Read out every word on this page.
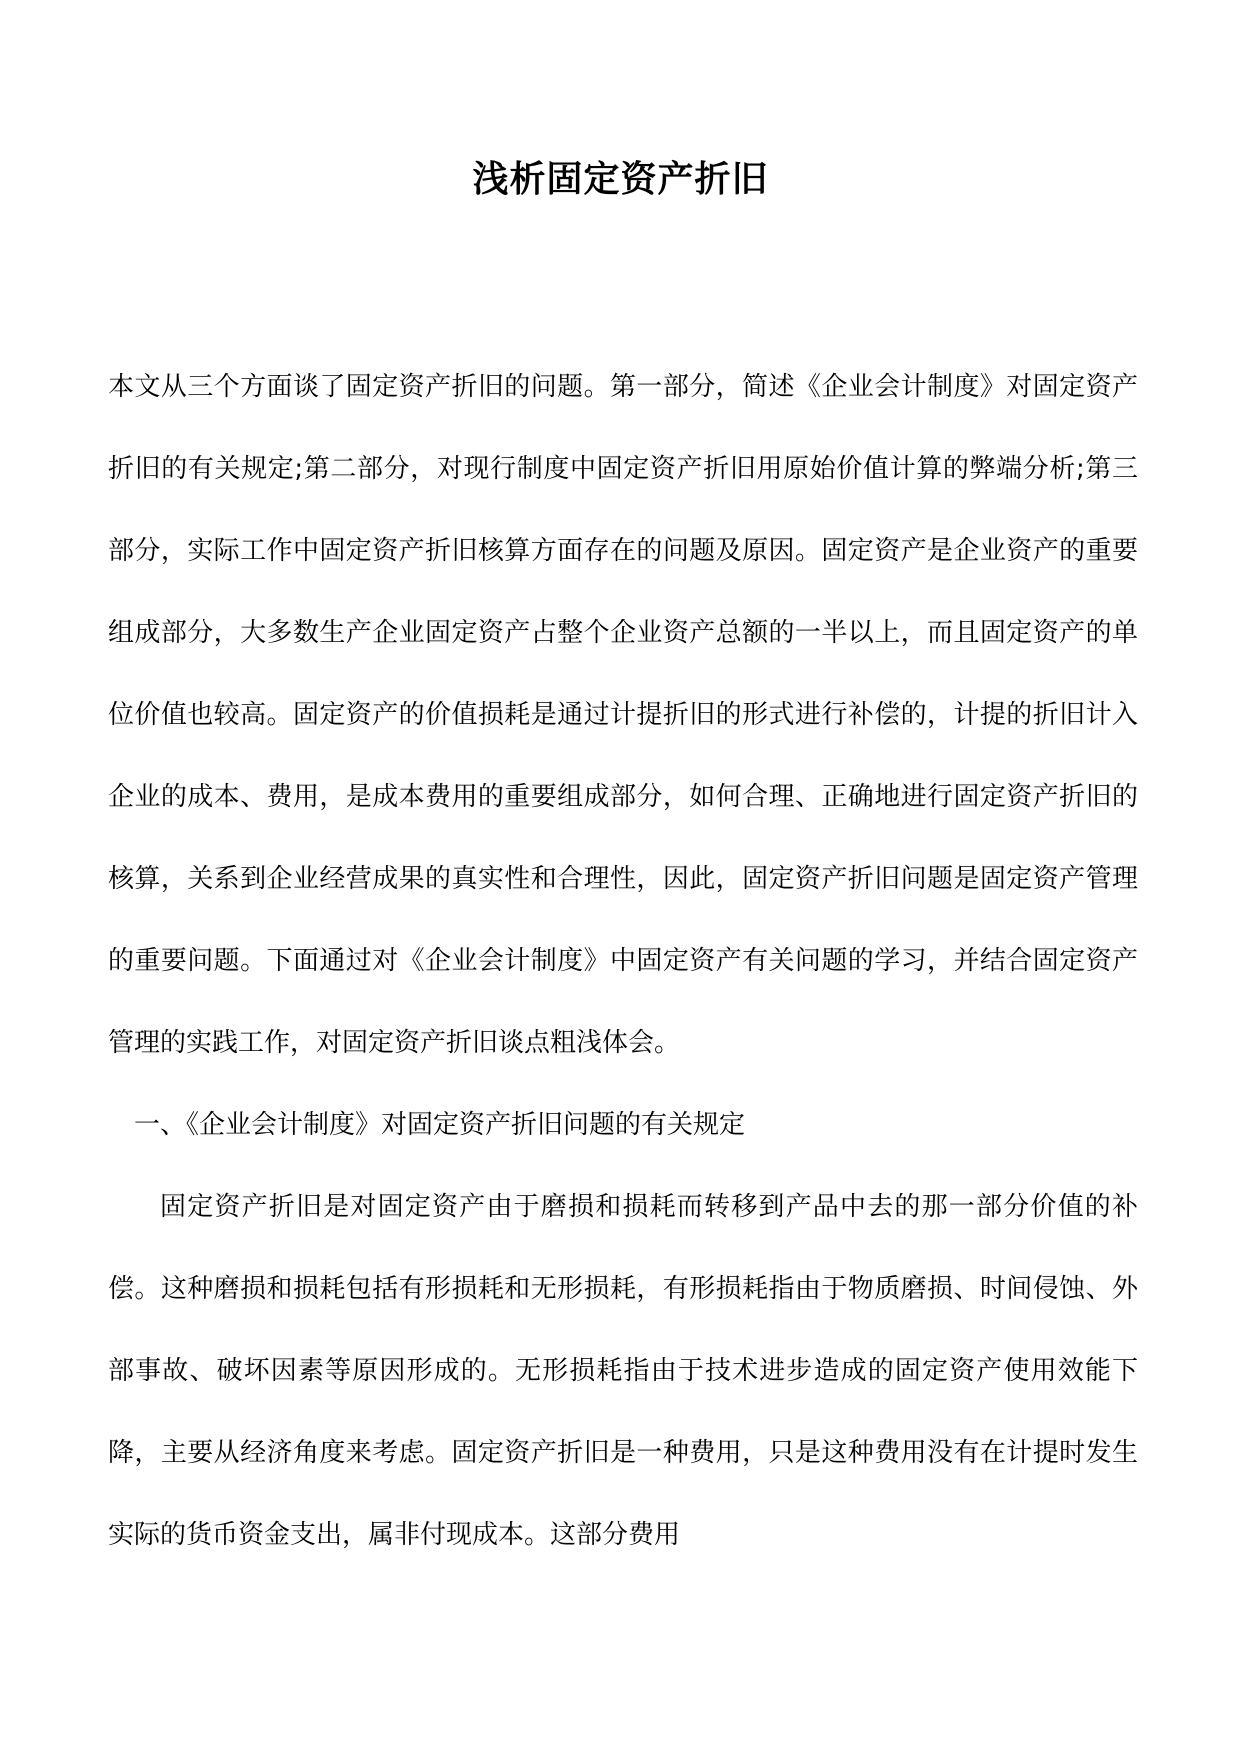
浅析固定资产折旧

本文从三个方面谈了固定资产折旧的问题。第一部分，简述《企业会计制度》对固定资产折旧的有关规定;第二部分，对现行制度中固定资产折旧用原始价值计算的弊端分析;第三部分，实际工作中固定资产折旧核算方面存在的问题及原因。固定资产是企业资产的重要组成部分，大多数生产企业固定资产占整个企业资产总额的一半以上，而且固定资产的单位价值也较高。固定资产的价值损耗是通过计提折旧的形式进行补偿的，计提的折旧计入企业的成本、费用，是成本费用的重要组成部分，如何合理、正确地进行固定资产折旧的核算，关系到企业经营成果的真实性和合理性，因此，固定资产折旧问题是固定资产管理的重要问题。下面通过对《企业会计制度》中固定资产有关问题的学习，并结合固定资产管理的实践工作，对固定资产折旧谈点粗浅体会。

一、《企业会计制度》对固定资产折旧问题的有关规定

固定资产折旧是对固定资产由于磨损和损耗而转移到产品中去的那一部分价值的补偿。这种磨损和损耗包括有形损耗和无形损耗，有形损耗指由于物质磨损、时间侵蚀、外部事故、破坏因素等原因形成的。无形损耗指由于技术进步造成的固定资产使用效能下降，主要从经济角度来考虑。固定资产折旧是一种费用，只是这种费用没有在计提时发生实际的货币资金支出，属非付现成本。这部分费用
